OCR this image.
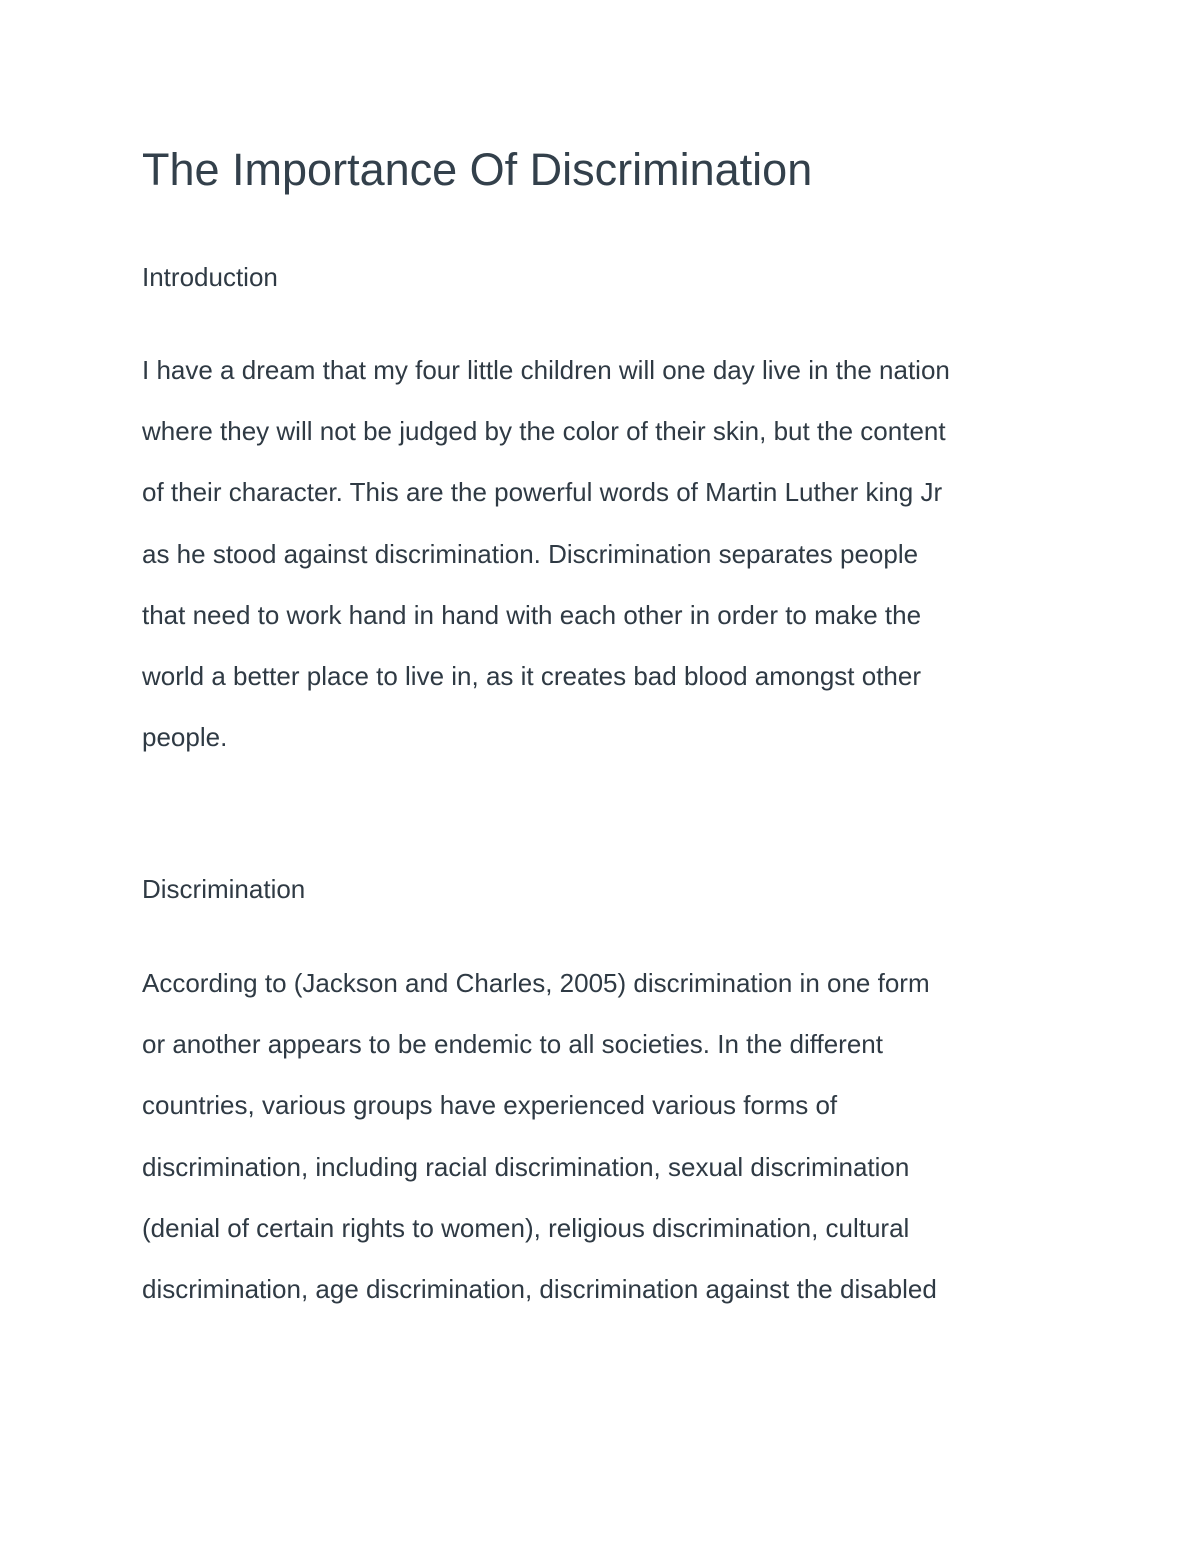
The Importance Of Discrimination
Introduction
I have a dream that my four little children will one day live in the nation
where they will not be judged by the color of their skin, but the content
of their character. This are the powerful words of Martin Luther king Jr
as he stood against discrimination. Discrimination separates people
that need to work hand in hand with each other in order to make the
world a better place to live in, as it creates bad blood amongst other
people.
Discrimination
According to (Jackson and Charles, 2005) discrimination in one form
or another appears to be endemic to all societies. In the different
countries, various groups have experienced various forms of
discrimination, including racial discrimination, sexual discrimination
(denial of certain rights to women), religious discrimination, cultural
discrimination, age discrimination, discrimination against the disabled
